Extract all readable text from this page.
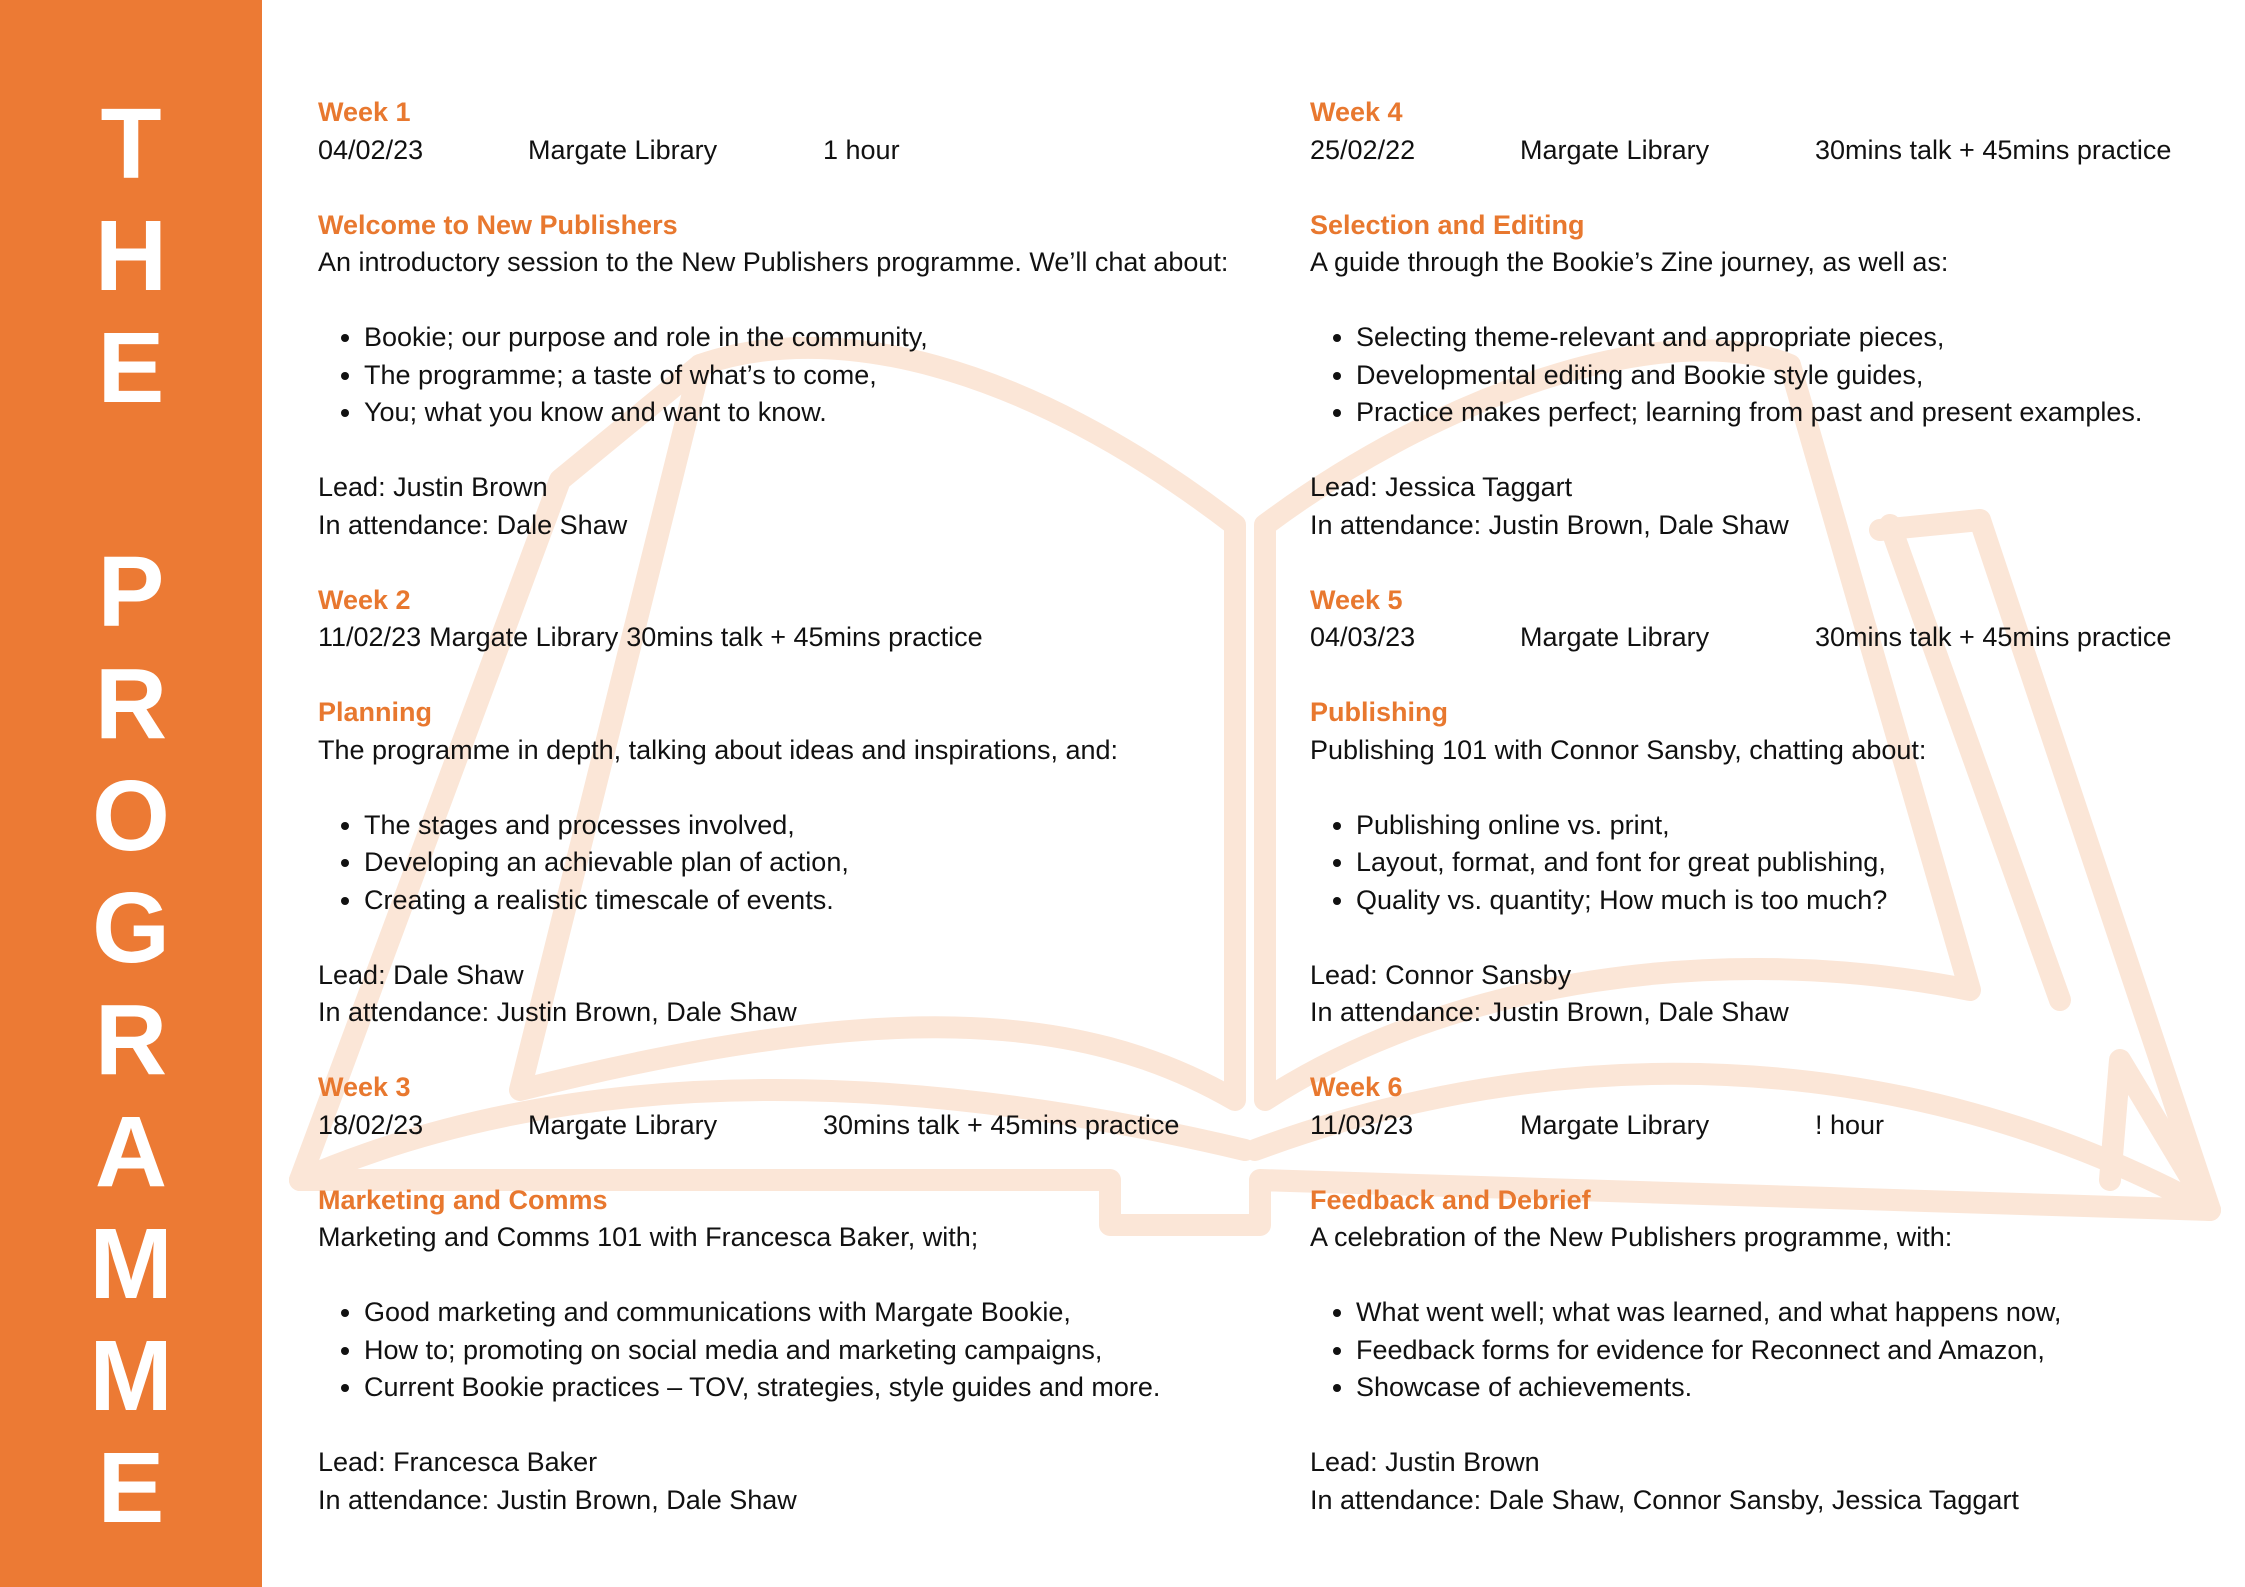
T
H
E
P
R
O
G
R
A
M
M
E
Week 1
04/02/23	Margate Library	1 hour
Welcome to New Publishers
An introductory session to the New Publishers programme. We’ll chat about:
• Bookie; our purpose and role in the community,
• The programme; a taste of what’s to come,
• You; what you know and want to know.
Lead: Justin Brown
In attendance: Dale Shaw
Week 2
11/02/23 Margate Library 30mins talk + 45mins practice
Planning
The programme in depth, talking about ideas and inspirations, and:
• The stages and processes involved,
• Developing an achievable plan of action,
• Creating a realistic timescale of events.
Lead: Dale Shaw
In attendance: Justin Brown, Dale Shaw
Week 3
18/02/23	Margate Library	30mins talk + 45mins practice
Marketing and Comms
Marketing and Comms 101 with Francesca Baker, with;
• Good marketing and communications with Margate Bookie,
• How to; promoting on social media and marketing campaigns,
• Current Bookie practices – TOV, strategies, style guides and more.
Lead: Francesca Baker
In attendance: Justin Brown, Dale Shaw
Week 4
25/02/22	Margate Library	30mins talk + 45mins practice
Selection and Editing
A guide through the Bookie’s Zine journey, as well as:
• Selecting theme-relevant and appropriate pieces,
• Developmental editing and Bookie style guides,
• Practice makes perfect; learning from past and present examples.
Lead: Jessica Taggart
In attendance: Justin Brown, Dale Shaw
Week 5
04/03/23	Margate Library	30mins talk + 45mins practice
Publishing
Publishing 101 with Connor Sansby, chatting about:
• Publishing online vs. print,
• Layout, format, and font for great publishing,
• Quality vs. quantity; How much is too much?
Lead: Connor Sansby
In attendance: Justin Brown, Dale Shaw
Week 6
11/03/23	Margate Library	! hour
Feedback and Debrief
A celebration of the New Publishers programme, with:
• What went well; what was learned, and what happens now,
• Feedback forms for evidence for Reconnect and Amazon,
• Showcase of achievements.
Lead: Justin Brown
In attendance: Dale Shaw, Connor Sansby, Jessica Taggart
